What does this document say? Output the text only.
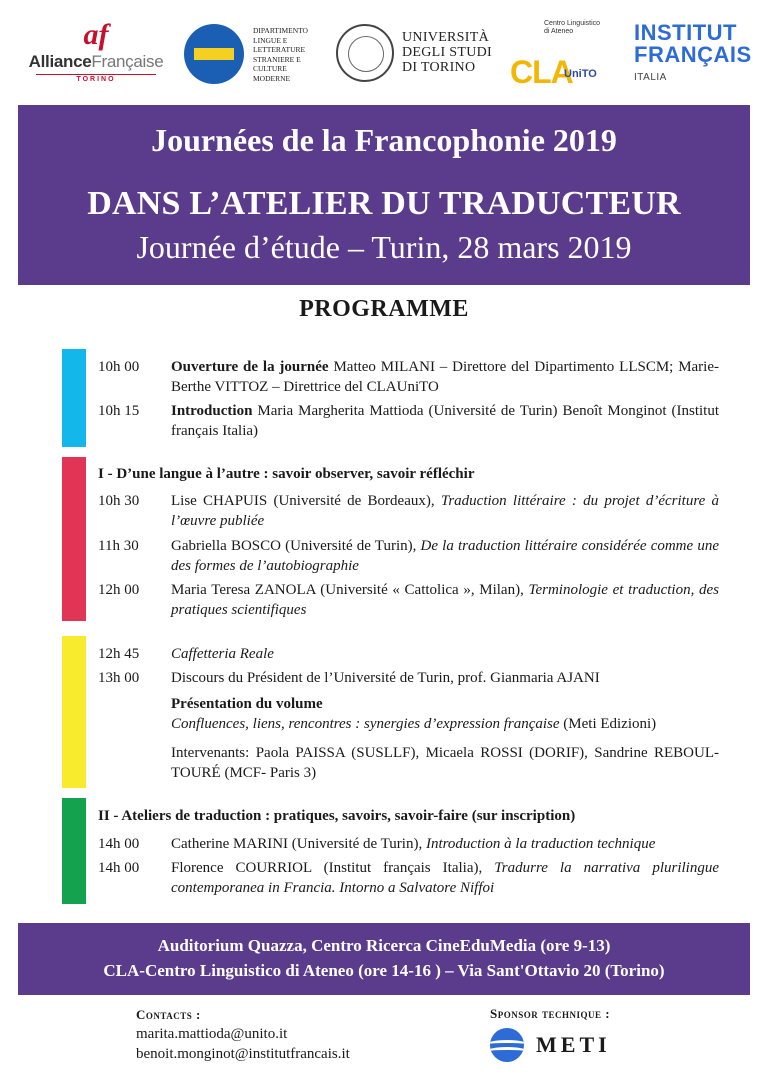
af
AllianceFrançaise
TORINO
DIPARTIMENTO LINGUE E LETTERATURE STRANIERE E CULTURE MODERNE
UNIVERSITÀ
DEGLI STUDI
DI TORINO
Centro Linguistico di Ateneo
CLA
UniTO
INSTITUT
FRANÇAIS
ITALIA
Journées de la Francophonie 2019
DANS L’ATELIER DU TRADUCTEUR
Journée d’étude – Turin, 28 mars 2019
PROGRAMME
10h 00	Ouverture de la journée Matteo MILANI – Direttore del Dipartimento LLSCM; Marie-Berthe VITTOZ – Direttrice del CLAUniTO
10h 15	Introduction Maria Margherita Mattioda (Université de Turin) Benoît Monginot (Institut français Italia)
I - D’une langue à l’autre : savoir observer, savoir réfléchir
10h 30	Lise CHAPUIS (Université de Bordeaux), Traduction littéraire : du projet d’écriture à l’œuvre publiée
11h 30	Gabriella BOSCO (Université de Turin), De la traduction littéraire considérée comme une des formes de l’autobiographie
12h 00	Maria Teresa ZANOLA (Université « Cattolica », Milan), Terminologie et traduction, des pratiques scientifiques
12h 45	Caffetteria Reale
13h 00	Discours du Président de l’Université de Turin, prof. Gianmaria AJANI
Présentation du volume
Confluences, liens, rencontres : synergies d’expression française (Meti Edizioni)
Intervenants: Paola PAISSA (SUSLLF), Micaela ROSSI (DORIF), Sandrine REBOUL-TOURÉ (MCF- Paris 3)
II - Ateliers de traduction : pratiques, savoirs, savoir-faire (sur inscription)
14h 00	Catherine MARINI (Université de Turin), Introduction à la traduction technique
14h 00	Florence COURRIOL (Institut français Italia), Tradurre la narrativa plurilingue contemporanea in Francia. Intorno a Salvatore Niffoi
Auditorium Quazza, Centro Ricerca CineEduMedia (ore 9-13)
CLA-Centro Linguistico di Ateneo (ore 14-16 ) – Via Sant'Ottavio 20 (Torino)
Contacts :
marita.mattioda@unito.it
benoit.monginot@institutfrancais.it
Sponsor technique :
METI
